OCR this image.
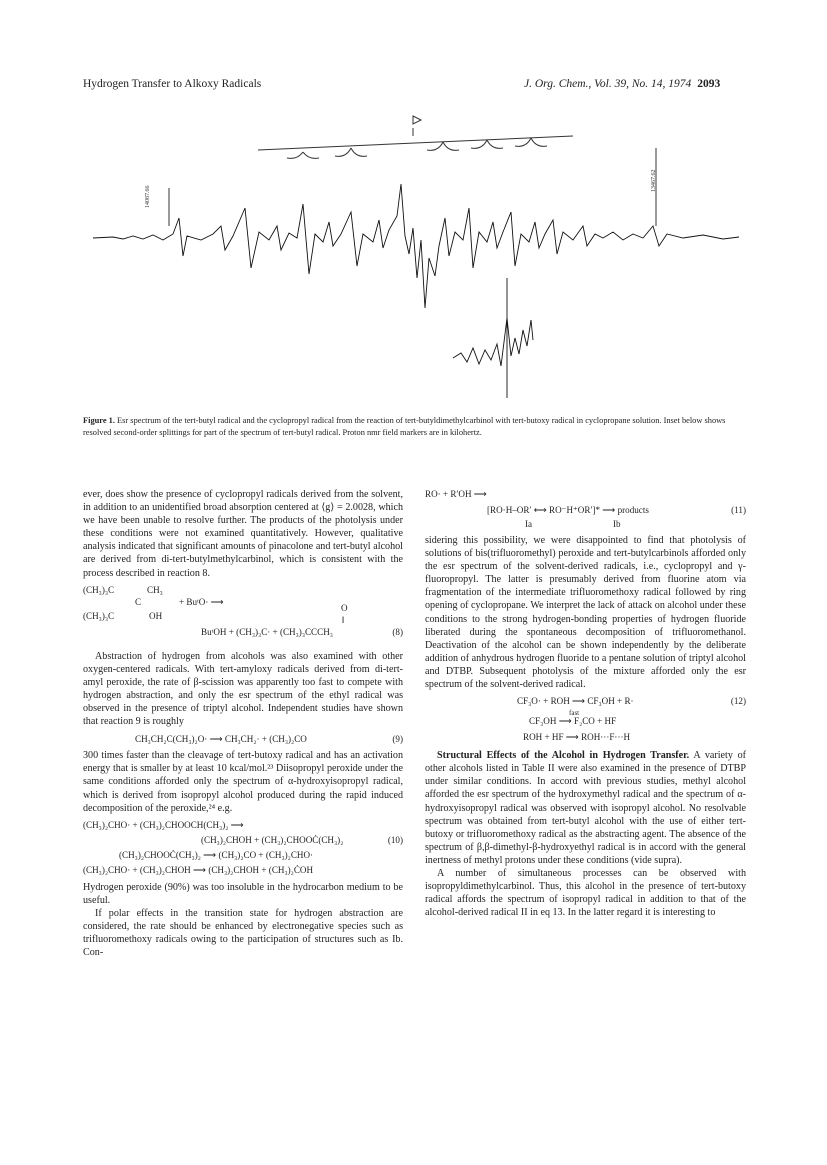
Hydrogen Transfer to Alkoxy Radicals	J. Org. Chem., Vol. 39, No. 14, 1974 2093
14087.66
13467.62
Figure 1. Esr spectrum of the tert-butyl radical and the cyclopropyl radical from the reaction of tert-butyldimethylcarbinol with tert-butoxy radical in cyclopropane solution. Inset below shows resolved second-order splittings for part of the spectrum of tert-butyl radical. Proton nmr field markers are in kilohertz.

ever, does show the presence of cyclopropyl radicals derived from the solvent, in addition to an unidentified broad absorption centered at ⟨g⟩ = 2.0028, which we have been unable to resolve further. The products of the photolysis under these conditions were not examined quantitatively. However, qualitative analysis indicated that significant amounts of pinacolone and tert-butyl alcohol are derived from di-tert-butylmethylcarbinol, which is consistent with the process described in reaction 8.

(CH₃)₃C	CH₃
C	+ BuᵗO· ⟶
(CH₃)₃C	OH
O
‖
BuᵗOH + (CH₃)₃C· + (CH₃)₃CCCH₃	(8)

Abstraction of hydrogen from alcohols was also examined with other oxygen-centered radicals. With tert-amyloxy radicals derived from di-tert-amyl peroxide, the rate of β-scission was apparently too fast to compete with hydrogen abstraction, and only the esr spectrum of the ethyl radical was observed in the presence of triptyl alcohol. Independent studies have shown that reaction 9 is roughly

CH₃CH₂C(CH₃)₂O· ⟶ CH₃CH₂· + (CH₃)₂CO	(9)

300 times faster than the cleavage of tert-butoxy radical and has an activation energy that is smaller by at least 10 kcal/mol.²³ Diisopropyl peroxide under the same conditions afforded only the spectrum of α-hydroxyisopropyl radical, which is derived from isopropyl alcohol produced during the rapid induced decomposition of the peroxide,²⁴ e.g.

(CH₃)₂CHO· + (CH₃)₂CHOOCH(CH₃)₂ ⟶
(CH₃)₂CHOH + (CH₃)₂CHOOĊ(CH₃)₂	(10)
(CH₃)₂CHOOĊ(CH₃)₂ ⟶ (CH₃)₂CO + (CH₃)₂CHO·
(CH₃)₂CHO· + (CH₃)₂CHOH ⟶ (CH₃)₂CHOH + (CH₃)₂ĊOH

Hydrogen peroxide (90%) was too insoluble in the hydrocarbon medium to be useful.

If polar effects in the transition state for hydrogen abstraction are considered, the rate should be enhanced by electronegative species such as trifluoromethoxy radicals owing to the participation of structures such as Ib. Con-

RO· + R′OH ⟶
[RO·H–OR′ ⟷ RO⁻H⁺OR′]* ⟶ products	(11)
Ia	Ib

sidering this possibility, we were disappointed to find that photolysis of solutions of bis(trifluoromethyl) peroxide and tert-butylcarbinols afforded only the esr spectrum of the solvent-derived radicals, i.e., cyclopropyl and γ-fluoropropyl. The latter is presumably derived from fluorine atom via fragmentation of the intermediate trifluoromethoxy radical followed by ring opening of cyclopropane. We interpret the lack of attack on alcohol under these conditions to the strong hydrogen-bonding properties of hydrogen fluoride liberated during the spontaneous decomposition of trifluoromethanol. Deactivation of the alcohol can be shown independently by the deliberate addition of anhydrous hydrogen fluoride to a pentane solution of triptyl alcohol and DTBP. Subsequent photolysis of the mixture afforded only the esr spectrum of the solvent-derived radical.

CF₃O· + ROH ⟶ CF₃OH + R·	(12)
fast
CF₃OH ⟶ F₂CO + HF
ROH + HF ⟶ ROH···F···H

Structural Effects of the Alcohol in Hydrogen Transfer. A variety of other alcohols listed in Table II were also examined in the presence of DTBP under similar conditions. In accord with previous studies, methyl alcohol afforded the esr spectrum of the hydroxymethyl radical and the spectrum of α-hydroxyisopropyl radical was observed with isopropyl alcohol. No resolvable spectrum was obtained from tert-butyl alcohol with the use of either tert-butoxy or trifluoromethoxy radical as the abstracting agent. The absence of the spectrum of β,β-dimethyl-β-hydroxyethyl radical is in accord with the general inertness of methyl protons under these conditions (vide supra).

A number of simultaneous processes can be observed with isopropyldimethylcarbinol. Thus, this alcohol in the presence of tert-butoxy radical affords the spectrum of isopropyl radical in addition to that of the alcohol-derived radical II in eq 13. In the latter regard it is interesting to
